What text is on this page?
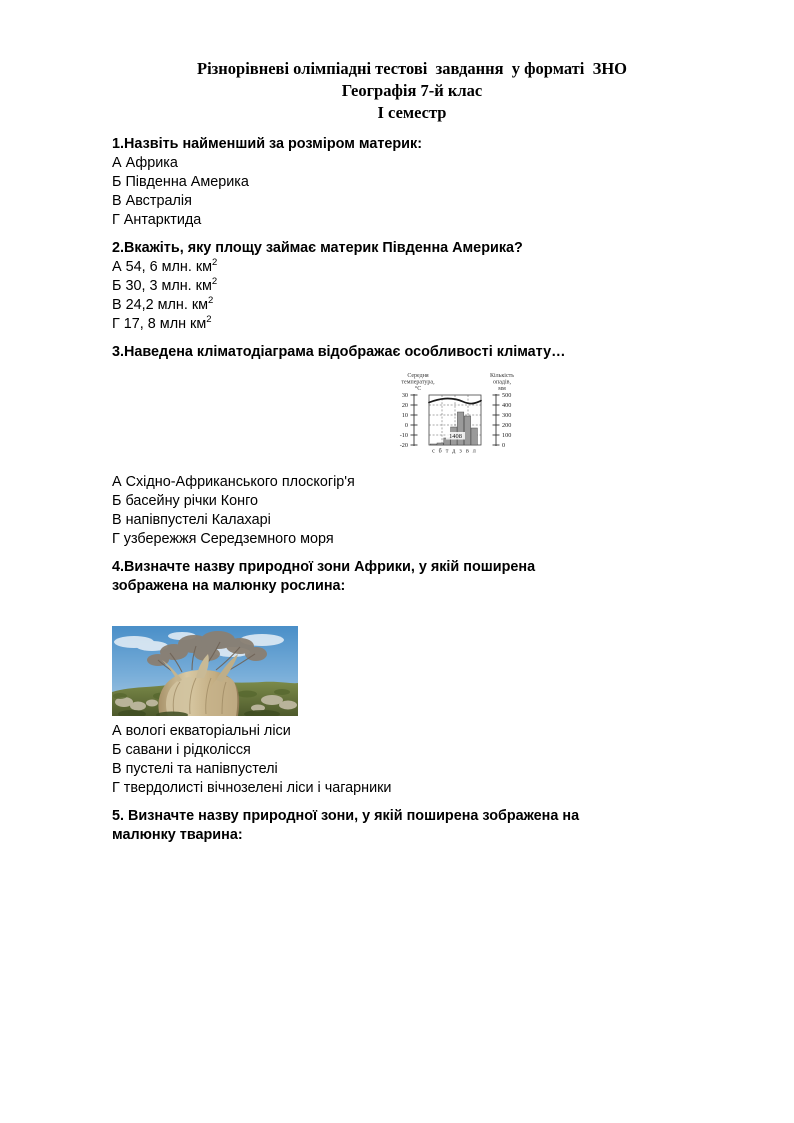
Різнорівневі олімпіадні тестові  завдання  у форматі  ЗНО
Географія 7-й клас
I семестр
1.Назвіть найменший за розміром материк:
А Африка
Б Південна Америка
В Австралія
Г Антарктида
2.Вкажіть, яку площу займає материк Південна Америка?
А 54, 6 млн. $км^2$
Б 30, 3 млн. $км^2$
В 24,2 млн. $км^2$
Г 17, 8 млн $км^2$
3.Наведена кліматодіаграма відображає особливості клімату…
Середня
температура,
°C
Кількість
опадів,
мм
30
20
10
0
-10
-20
500
400
300
200
100
0
1408
с б т д з в л
А Східно-Африканського плоскогір'я
Б басейну річки Конго
В напівпустелі Калахарі
Г узбережжя Середземного моря
4.Визначте назву природної зони Африки, у якій поширена
зображена на малюнку рослина:
А вологі екваторіальні ліси
Б савани і рідколісся
В пустелі та напівпустелі
Г твердолисті вічнозелені ліси і чагарники
5. Визначте назву природної зони, у якій поширена зображена на
малюнку тварина:
